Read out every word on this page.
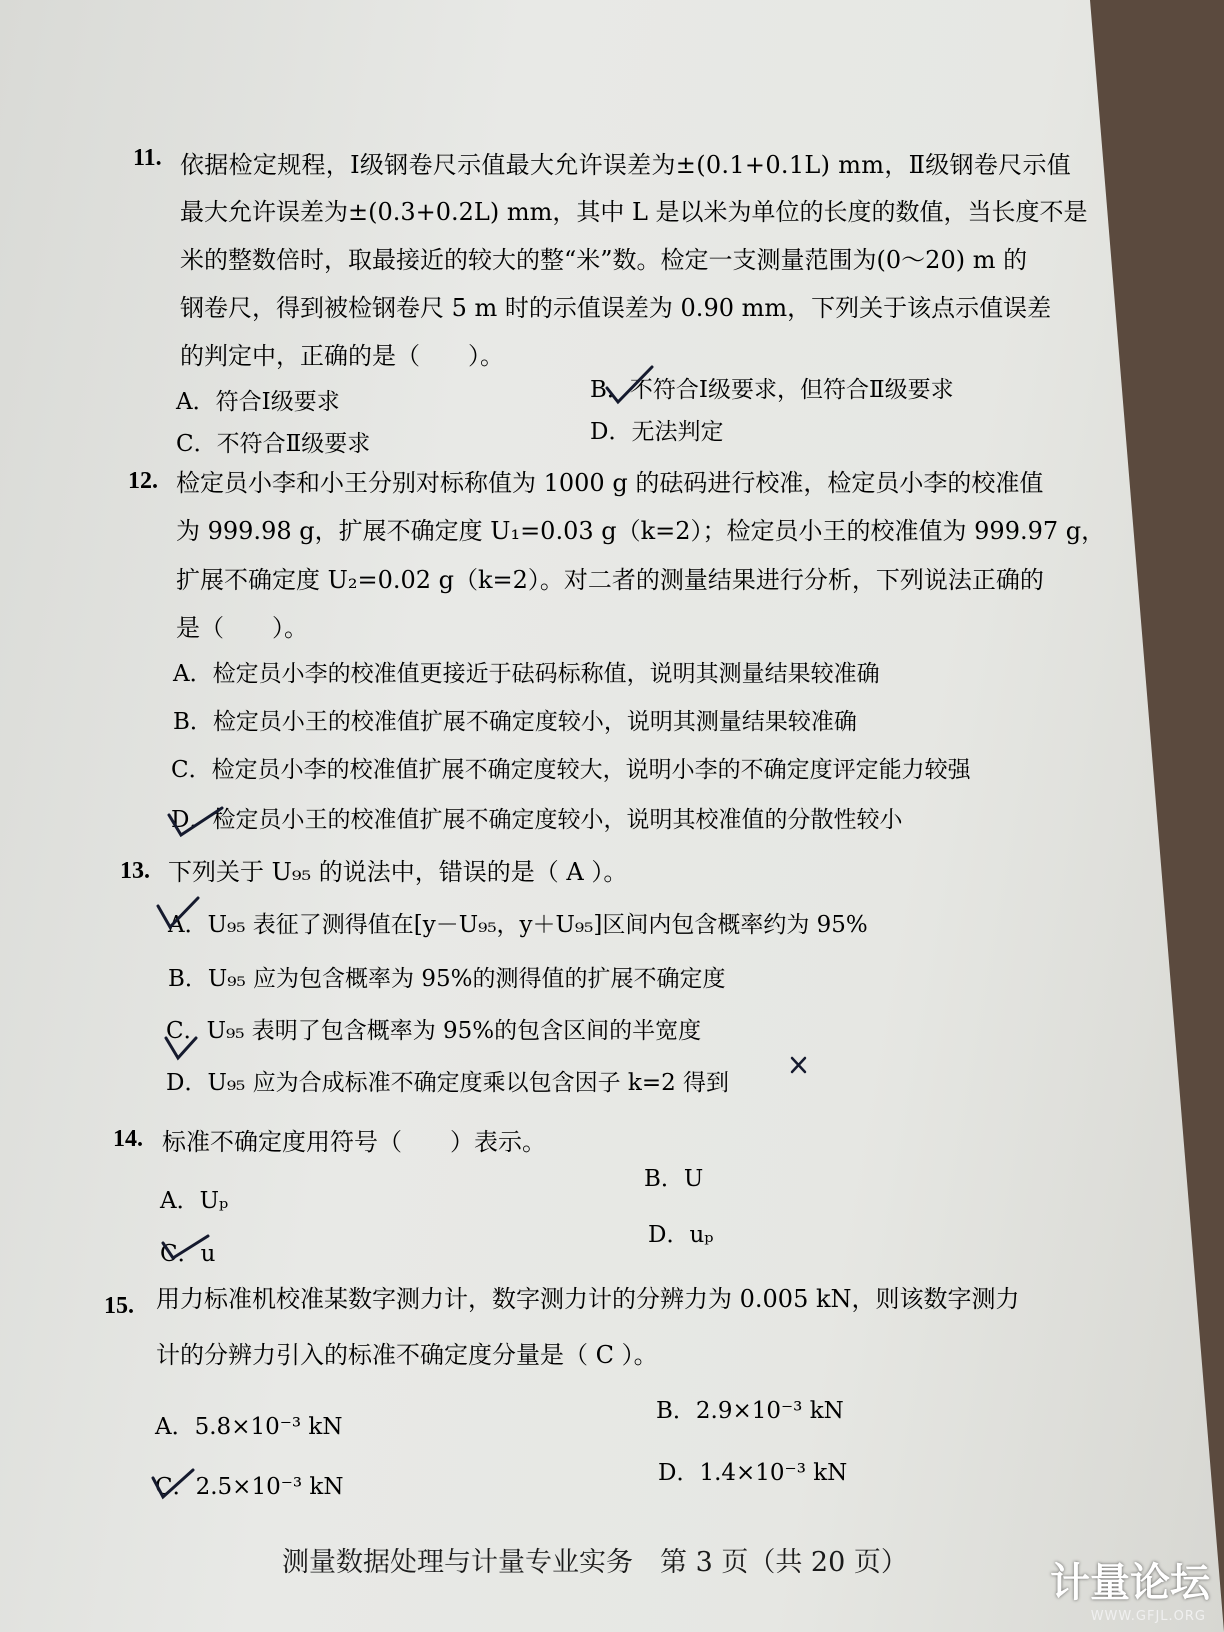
11. 依据检定规程，Ⅰ级钢卷尺示值最大允许误差为±(0.1+0.1L) mm，Ⅱ级钢卷尺示值
最大允许误差为±(0.3+0.2L) mm，其中 L 是以米为单位的长度的数值，当长度不是
米的整数倍时，取最接近的较大的整“米”数。检定一支测量范围为(0～20) m 的
钢卷尺，得到被检钢卷尺 5 m 时的示值误差为 0.90 mm，下列关于该点示值误差
的判定中，正确的是（　　）。
A．符合Ⅰ级要求	B．不符合Ⅰ级要求，但符合Ⅱ级要求
C．不符合Ⅱ级要求	D．无法判定
12. 检定员小李和小王分别对标称值为 1000 g 的砝码进行校准，检定员小李的校准值
为 999.98 g，扩展不确定度 U₁=0.03 g（k=2）；检定员小王的校准值为 999.97 g，
扩展不确定度 U₂=0.02 g（k=2）。对二者的测量结果进行分析，下列说法正确的
是（　　）。
A．检定员小李的校准值更接近于砝码标称值，说明其测量结果较准确
B．检定员小王的校准值扩展不确定度较小，说明其测量结果较准确
C．检定员小李的校准值扩展不确定度较大，说明小李的不确定度评定能力较强
D．检定员小王的校准值扩展不确定度较小，说明其校准值的分散性较小
13. 下列关于 U₉₅ 的说法中，错误的是（ A ）。
A．U₉₅ 表征了测得值在[y－U₉₅，y＋U₉₅]区间内包含概率约为 95%
B．U₉₅ 应为包含概率为 95%的测得值的扩展不确定度
C．U₉₅ 表明了包含概率为 95%的包含区间的半宽度
D．U₉₅ 应为合成标准不确定度乘以包含因子 k=2 得到
14. 标准不确定度用符号（　　）表示。
A．Uₚ
B．U
C．u
D．uₚ
15. 用力标准机校准某数字测力计，数字测力计的分辨力为 0.005 kN，则该数字测力
计的分辨力引入的标准不确定度分量是（ C ）。
A．5.8×10⁻³ kN
B．2.9×10⁻³ kN
C．2.5×10⁻³ kN
D．1.4×10⁻³ kN
测量数据处理与计量专业实务　第 3 页（共 20 页）	计量论坛
WWW.GFJL.ORG
